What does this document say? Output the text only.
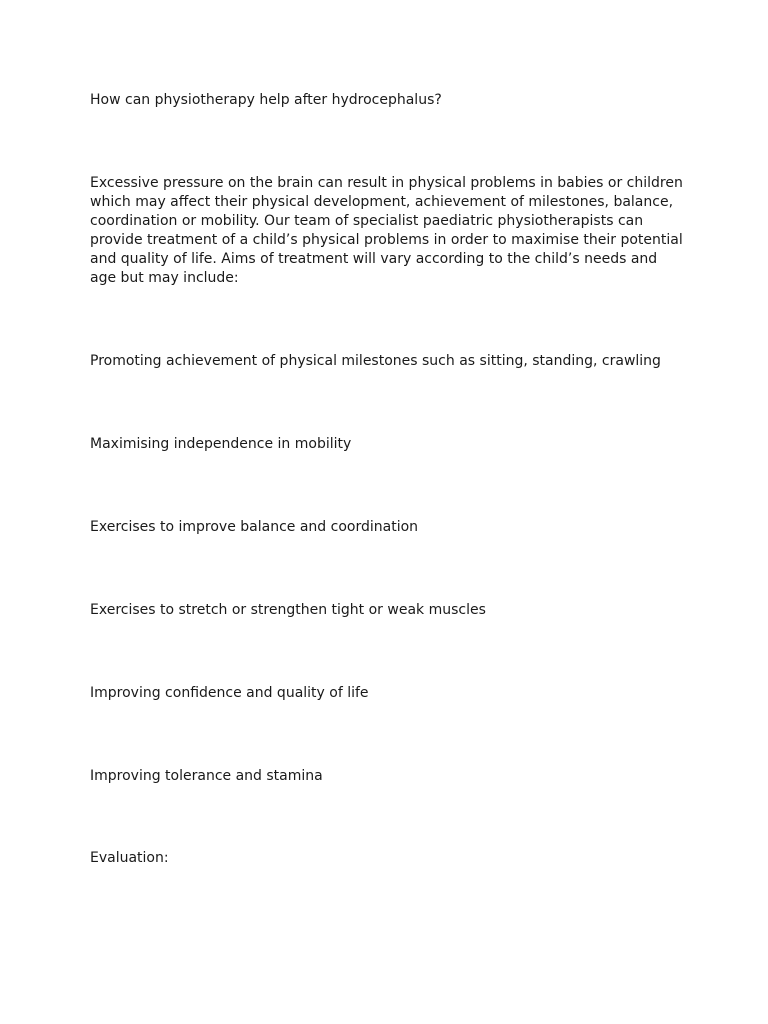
How can physiotherapy help after hydrocephalus?

Excessive pressure on the brain can result in physical problems in babies or children
which may affect their physical development, achievement of milestones, balance,
coordination or mobility. Our team of specialist paediatric physiotherapists can
provide treatment of a child’s physical problems in order to maximise their potential
and quality of life. Aims of treatment will vary according to the child’s needs and
age but may include:

Promoting achievement of physical milestones such as sitting, standing, crawling

Maximising independence in mobility

Exercises to improve balance and coordination

Exercises to stretch or strengthen tight or weak muscles

Improving confidence and quality of life

Improving tolerance and stamina

Evaluation:
